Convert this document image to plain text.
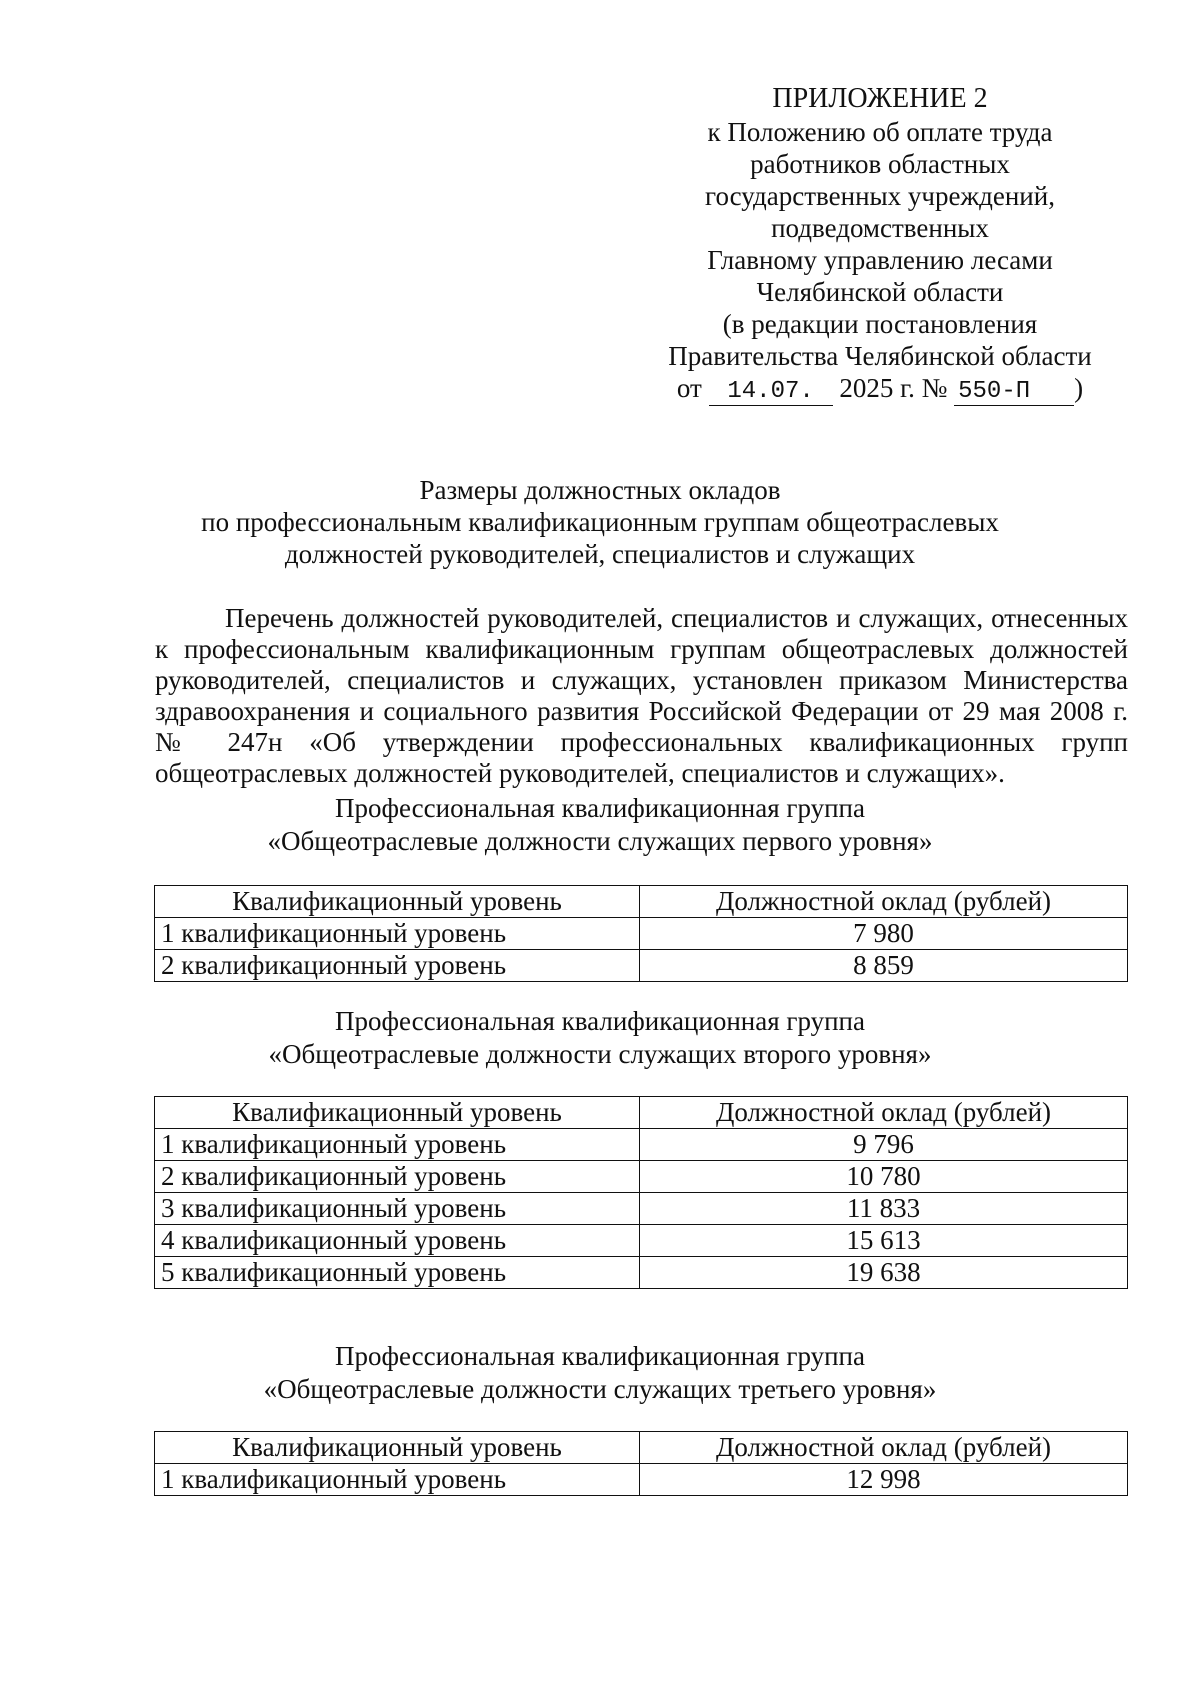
ПРИЛОЖЕНИЕ 2
к Положению об оплате труда
работников областных
государственных учреждений,
подведомственных
Главному управлению лесами
Челябинской области
(в редакции постановления
Правительства Челябинской области
от 14.07. 2025 г. № 550-П )
Размеры должностных окладов
по профессиональным квалификационным группам общеотраслевых
должностей руководителей, специалистов и служащих

Перечень должностей руководителей, специалистов и служащих, отнесенных к профессиональным квалификационным группам общеотраслевых должностей руководителей, специалистов и служащих, установлен приказом Министерства здравоохранения и социального развития Российской Федерации от 29 мая 2008 г. № 247н «Об утверждении профессиональных квалификационных групп общеотраслевых должностей руководителей, специалистов и служащих».

Профессиональная квалификационная группа
«Общеотраслевые должности служащих первого уровня»
Квалификационный уровень	Должностной оклад (рублей)
1 квалификационный уровень	7 980
2 квалификационный уровень	8 859
Профессиональная квалификационная группа
«Общеотраслевые должности служащих второго уровня»
Квалификационный уровень	Должностной оклад (рублей)
1 квалификационный уровень	9 796
2 квалификационный уровень	10 780
3 квалификационный уровень	11 833
4 квалификационный уровень	15 613
5 квалификационный уровень	19 638
Профессиональная квалификационная группа
«Общеотраслевые должности служащих третьего уровня»
Квалификационный уровень	Должностной оклад (рублей)
1 квалификационный уровень	12 998
